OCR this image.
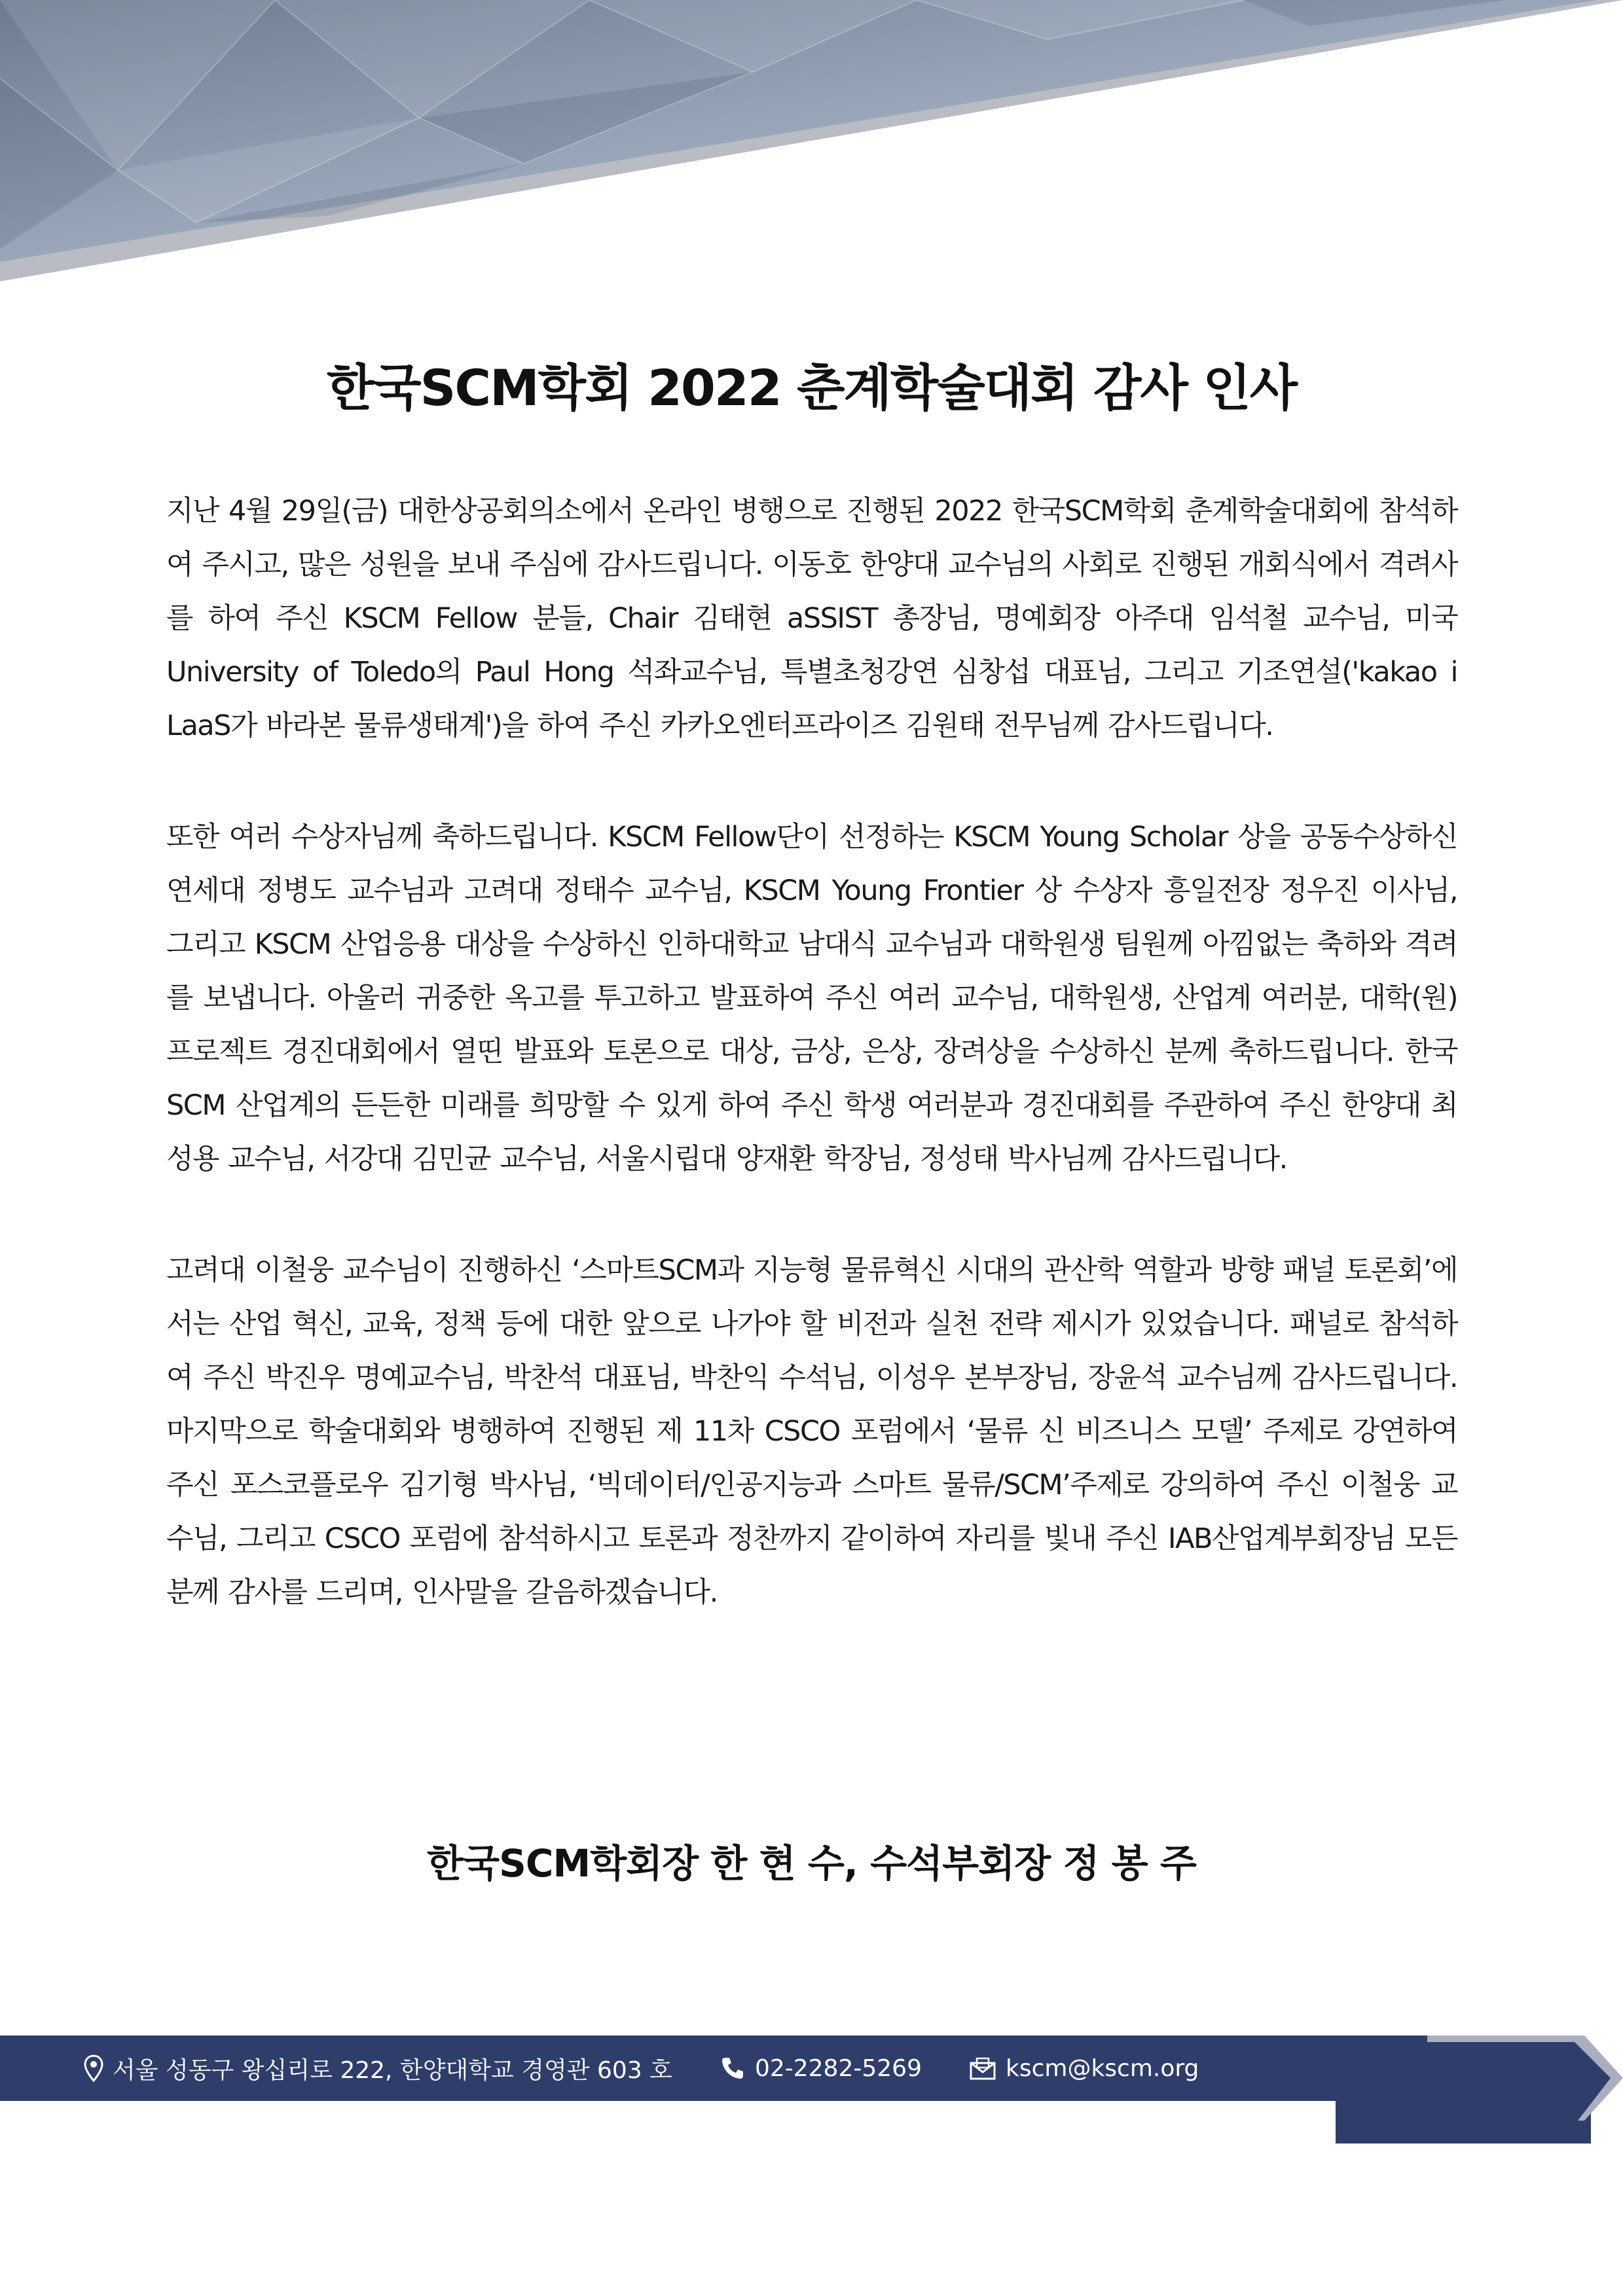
한국SCM학회 2022 춘계학술대회 감사 인사

지난 4월 29일(금) 대한상공회의소에서 온라인 병행으로 진행된 2022 한국SCM학회 춘계학술대회에 참석하여 주시고, 많은 성원을 보내 주심에 감사드립니다. 이동호 한양대 교수님의 사회로 진행된 개회식에서 격려사를 하여 주신 KSCM Fellow 분들, Chair 김태현 aSSIST 총장님, 명예회장 아주대 임석철 교수님, 미국 University of Toledo의 Paul Hong 석좌교수님, 특별초청강연 심창섭 대표님, 그리고 기조연설('kakao i LaaS가 바라본 물류생태계')을 하여 주신 카카오엔터프라이즈 김원태 전무님께 감사드립니다.

또한 여러 수상자님께 축하드립니다. KSCM Fellow단이 선정하는 KSCM Young Scholar 상을 공동수상하신 연세대 정병도 교수님과 고려대 정태수 교수님, KSCM Young Frontier 상 수상자 흥일전장 정우진 이사님, 그리고 KSCM 산업응용 대상을 수상하신 인하대학교 남대식 교수님과 대학원생 팀원께 아낌없는 축하와 격려를 보냅니다. 아울러 귀중한 옥고를 투고하고 발표하여 주신 여러 교수님, 대학원생, 산업계 여러분, 대학(원) 프로젝트 경진대회에서 열띤 발표와 토론으로 대상, 금상, 은상, 장려상을 수상하신 분께 축하드립니다. 한국SCM 산업계의 든든한 미래를 희망할 수 있게 하여 주신 학생 여러분과 경진대회를 주관하여 주신 한양대 최성용 교수님, 서강대 김민균 교수님, 서울시립대 양재환 학장님, 정성태 박사님께 감사드립니다.

고려대 이철웅 교수님이 진행하신 ‘스마트SCM과 지능형 물류혁신 시대의 관산학 역할과 방향 패널 토론회’에서는 산업 혁신, 교육, 정책 등에 대한 앞으로 나가야 할 비전과 실천 전략 제시가 있었습니다. 패널로 참석하여 주신 박진우 명예교수님, 박찬석 대표님, 박찬익 수석님, 이성우 본부장님, 장윤석 교수님께 감사드립니다. 마지막으로 학술대회와 병행하여 진행된 제 11차 CSCO 포럼에서 ‘물류 신 비즈니스 모델’ 주제로 강연하여 주신 포스코플로우 김기형 박사님, ‘빅데이터/인공지능과 스마트 물류/SCM’주제로 강의하여 주신 이철웅 교수님, 그리고 CSCO 포럼에 참석하시고 토론과 정찬까지 같이하여 자리를 빛내 주신 IAB산업계부회장님 모든 분께 감사를 드리며, 인사말을 갈음하겠습니다.

한국SCM학회장 한 현 수, 수석부회장 정 봉 주

서울 성동구 왕십리로 222, 한양대학교 경영관 603 호	02-2282-5269	kscm@kscm.org
